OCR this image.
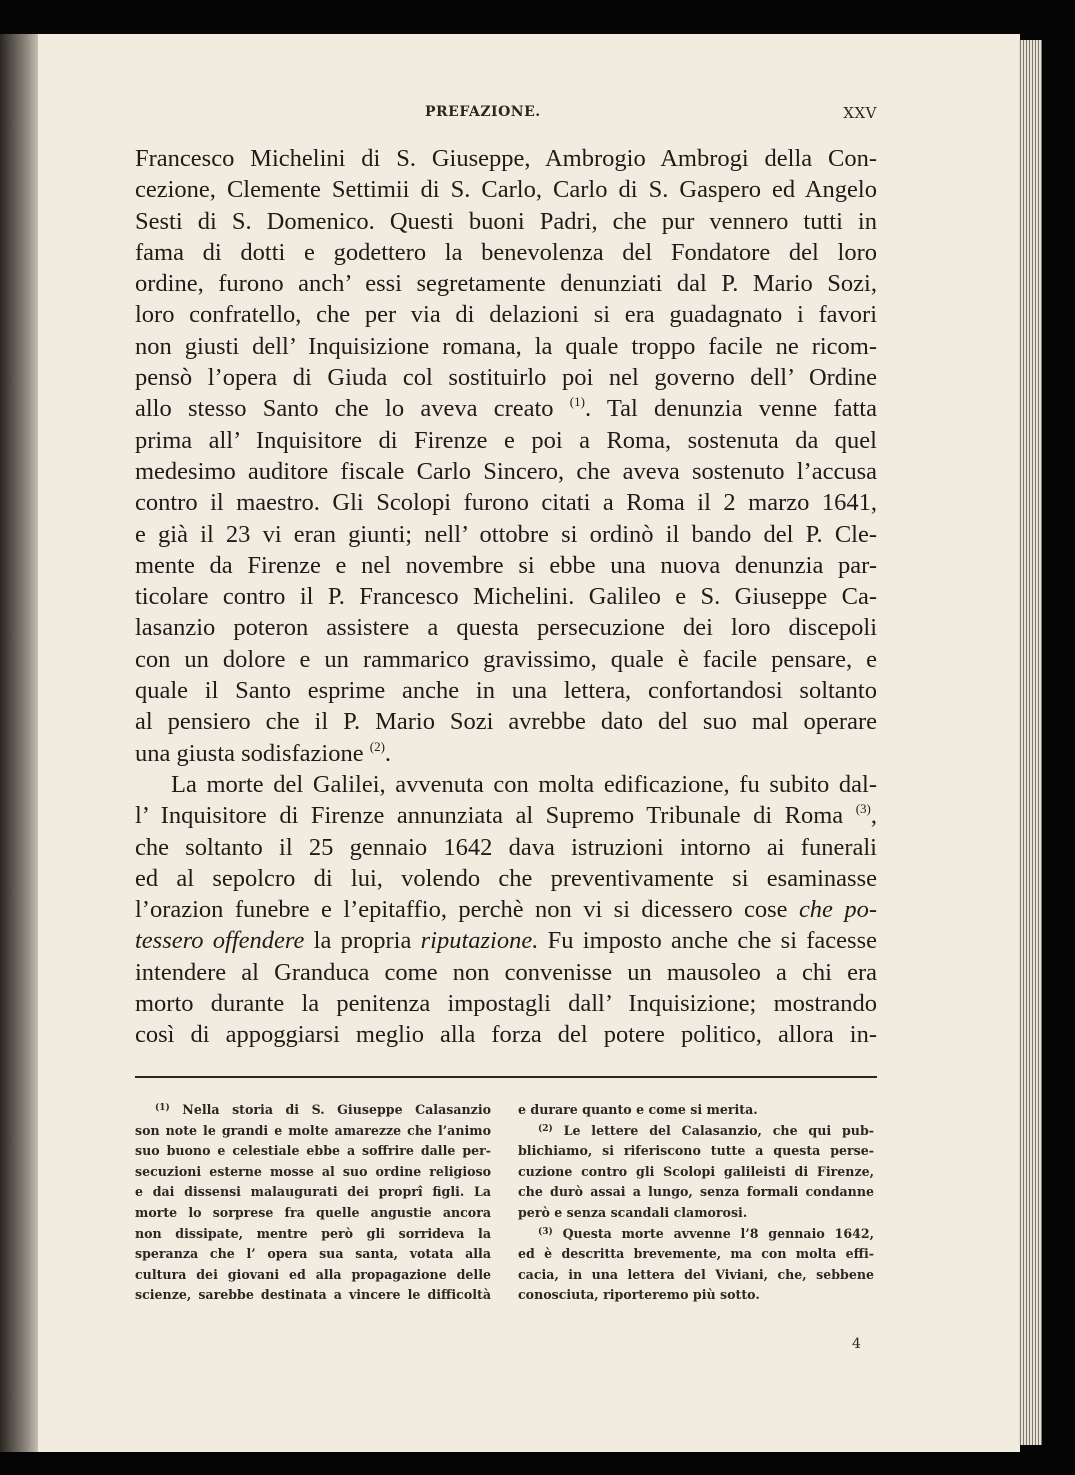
PREFAZIONE.	XXV
Francesco Michelini di S. Giuseppe, Ambrogio Ambrogi della Con-
cezione, Clemente Settimii di S. Carlo, Carlo di S. Gaspero ed Angelo
Sesti di S. Domenico. Questi buoni Padri, che pur vennero tutti in
fama di dotti e godettero la benevolenza del Fondatore del loro
ordine, furono anch’ essi segretamente denunziati dal P. Mario Sozi,
loro confratello, che per via di delazioni si era guadagnato i favori
non giusti dell’ Inquisizione romana, la quale troppo facile ne ricom-
pensò l’opera di Giuda col sostituirlo poi nel governo dell’ Ordine
allo stesso Santo che lo aveva creato $^{(1)}$. Tal denunzia venne fatta
prima all’ Inquisitore di Firenze e poi a Roma, sostenuta da quel
medesimo auditore fiscale Carlo Sincero, che aveva sostenuto l’accusa
contro il maestro. Gli Scolopi furono citati a Roma il 2 marzo 1641,
e già il 23 vi eran giunti; nell’ ottobre si ordinò il bando del P. Cle-
mente da Firenze e nel novembre si ebbe una nuova denunzia par-
ticolare contro il P. Francesco Michelini. Galileo e S. Giuseppe Ca-
lasanzio poteron assistere a questa persecuzione dei loro discepoli
con un dolore e un rammarico gravissimo, quale è facile pensare, e
quale il Santo esprime anche in una lettera, confortandosi soltanto
al pensiero che il P. Mario Sozi avrebbe dato del suo mal operare
una giusta sodisfazione $^{(2)}$.
La morte del Galilei, avvenuta con molta edificazione, fu subito dal-
l’ Inquisitore di Firenze annunziata al Supremo Tribunale di Roma $^{(3)}$,
che soltanto il 25 gennaio 1642 dava istruzioni intorno ai funerali
ed al sepolcro di lui, volendo che preventivamente si esaminasse
l’orazion funebre e l’epitaffio, perchè non vi si dicessero cose che po-
tessero offendere la propria riputazione. Fu imposto anche che si facesse
intendere al Granduca come non convenisse un mausoleo a chi era
morto durante la penitenza impostagli dall’ Inquisizione; mostrando
così di appoggiarsi meglio alla forza del potere politico, allora in-
$^{(1)}$ Nella storia di S. Giuseppe Calasanzio
son note le grandi e molte amarezze che l’animo
suo buono e celestiale ebbe a soffrire dalle per-
secuzioni esterne mosse al suo ordine religioso
e dai dissensi malaugurati dei proprî figli. La
morte lo sorprese fra quelle angustie ancora
non dissipate, mentre però gli sorrideva la
speranza che l’ opera sua santa, votata alla
cultura dei giovani ed alla propagazione delle
scienze, sarebbe destinata a vincere le difficoltà
e durare quanto e come si merita.
$^{(2)}$ Le lettere del Calasanzio, che qui pub-
blichiamo, si riferiscono tutte a questa perse-
cuzione contro gli Scolopi galileisti di Firenze,
che durò assai a lungo, senza formali condanne
però e senza scandali clamorosi.
$^{(3)}$ Questa morte avvenne l’8 gennaio 1642,
ed è descritta brevemente, ma con molta effi-
cacia, in una lettera del Viviani, che, sebbene
conosciuta, riporteremo più sotto.
4
